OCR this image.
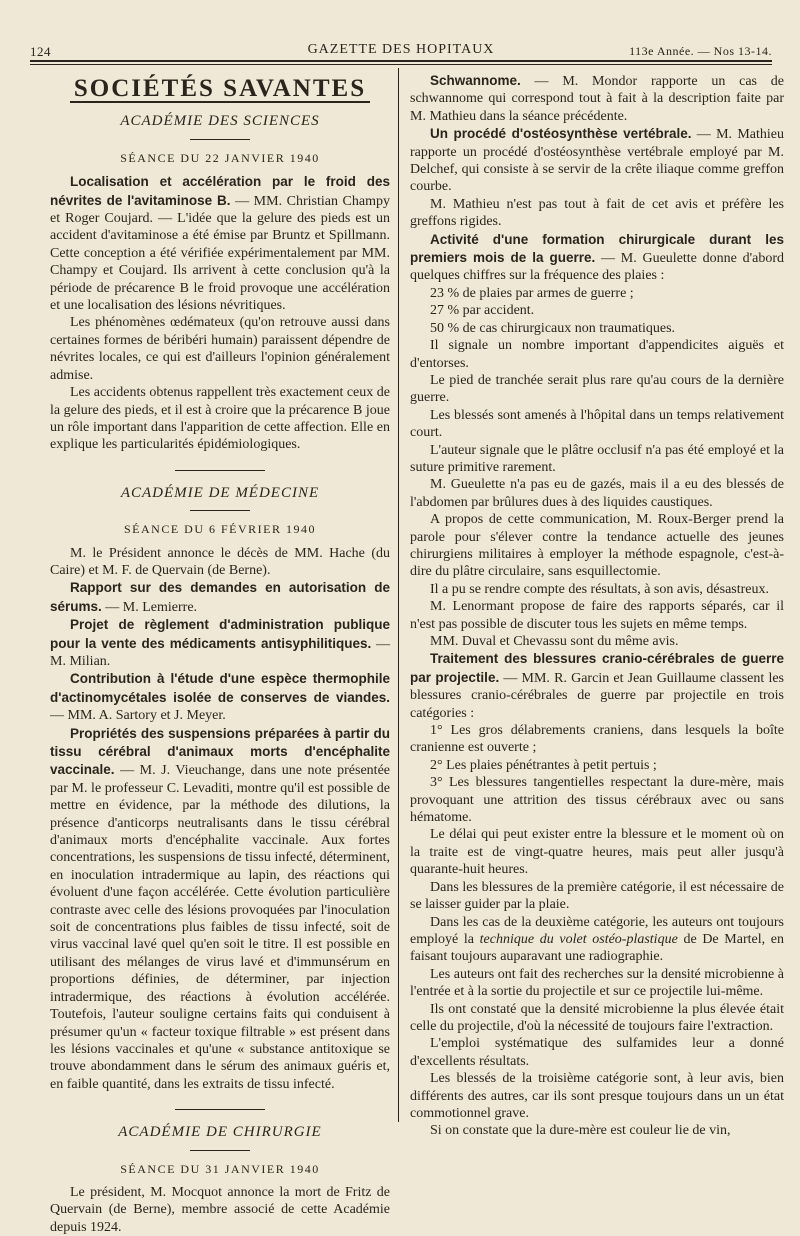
124	GAZETTE DES HOPITAUX	113e Année. — Nos 13-14.
SOCIÉTÉS SAVANTES
ACADÉMIE DES SCIENCES
SÉANCE DU 22 JANVIER 1940

Localisation et accélération par le froid des névrites de l'avitaminose B. — MM. Christian Champy et Roger Coujard. — L'idée que la gelure des pieds est un accident d'avitaminose a été émise par Bruntz et Spillmann. Cette conception a été vérifiée expérimentalement par MM. Champy et Coujard. Ils arrivent à cette conclusion qu'à la période de précarence B le froid provoque une accélération et une localisation des lésions névritiques.

Les phénomènes œdémateux (qu'on retrouve aussi dans certaines formes de béribéri humain) paraissent dépendre de névrites locales, ce qui est d'ailleurs l'opinion généralement admise.

Les accidents obtenus rappellent très exactement ceux de la gelure des pieds, et il est à croire que la précarence B joue un rôle important dans l'apparition de cette affection. Elle en explique les particularités épidémiologiques.

ACADÉMIE DE MÉDECINE
SÉANCE DU 6 FÉVRIER 1940

M. le Président annonce le décès de MM. Hache (du Caire) et M. F. de Quervain (de Berne).

Rapport sur des demandes en autorisation de sérums. — M. Lemierre.

Projet de règlement d'administration publique pour la vente des médicaments antisyphilitiques. — M. Milian.

Contribution à l'étude d'une espèce thermophile d'actinomycétales isolée de conserves de viandes. — MM. A. Sartory et J. Meyer.

Propriétés des suspensions préparées à partir du tissu cérébral d'animaux morts d'encéphalite vaccinale. — M. J. Vieuchange, dans une note présentée par M. le professeur C. Levaditi, montre qu'il est possible de mettre en évidence, par la méthode des dilutions, la présence d'anticorps neutralisants dans le tissu cérébral d'animaux morts d'encéphalite vaccinale. Aux fortes concentrations, les suspensions de tissu infecté, déterminent, en inoculation intradermique au lapin, des réactions qui évoluent d'une façon accélérée. Cette évolution particulière contraste avec celle des lésions provoquées par l'inoculation soit de concentrations plus faibles de tissu infecté, soit de virus vaccinal lavé quel qu'en soit le titre. Il est possible en utilisant des mélanges de virus lavé et d'immunsérum en proportions définies, de déterminer, par injection intradermique, des réactions à évolution accélérée. Toutefois, l'auteur souligne certains faits qui conduisent à présumer qu'un « facteur toxique filtrable » est présent dans les lésions vaccinales et qu'une « substance antitoxique se trouve abondamment dans le sérum des animaux guéris et, en faible quantité, dans les extraits de tissu infecté.

ACADÉMIE DE CHIRURGIE
SÉANCE DU 31 JANVIER 1940

Le président, M. Mocquot annonce la mort de Fritz de Quervain (de Berne), membre associé de cette Académie depuis 1924.

Schwannome. — M. Mondor rapporte un cas de schwannome qui correspond tout à fait à la description faite par M. Mathieu dans la séance précédente.

Un procédé d'ostéosynthèse vertébrale. — M. Mathieu rapporte un procédé d'ostéosynthèse vertébrale employé par M. Delchef, qui consiste à se servir de la crête iliaque comme greffon courbe.

M. Mathieu n'est pas tout à fait de cet avis et préfère les greffons rigides.

Activité d'une formation chirurgicale durant les premiers mois de la guerre. — M. Gueulette donne d'abord quelques chiffres sur la fréquence des plaies :

23 % de plaies par armes de guerre ;

27 % par accident.

50 % de cas chirurgicaux non traumatiques.

Il signale un nombre important d'appendicites aiguës et d'entorses.

Le pied de tranchée serait plus rare qu'au cours de la dernière guerre.

Les blessés sont amenés à l'hôpital dans un temps relativement court.

L'auteur signale que le plâtre occlusif n'a pas été employé et la suture primitive rarement.

M. Gueulette n'a pas eu de gazés, mais il a eu des blessés de l'abdomen par brûlures dues à des liquides caustiques.

A propos de cette communication, M. Roux-Berger prend la parole pour s'élever contre la tendance actuelle des jeunes chirurgiens militaires à employer la méthode espagnole, c'est-à-dire du plâtre circulaire, sans esquillectomie.

Il a pu se rendre compte des résultats, à son avis, désastreux.

M. Lenormant propose de faire des rapports séparés, car il n'est pas possible de discuter tous les sujets en même temps.

MM. Duval et Chevassu sont du même avis.

Traitement des blessures cranio-cérébrales de guerre par projectile. — MM. R. Garcin et Jean Guillaume classent les blessures cranio-cérébrales de guerre par projectile en trois catégories :

1° Les gros délabrements craniens, dans lesquels la boîte cranienne est ouverte ;

2° Les plaies pénétrantes à petit pertuis ;

3° Les blessures tangentielles respectant la dure-mère, mais provoquant une attrition des tissus cérébraux avec ou sans hématome.

Le délai qui peut exister entre la blessure et le moment où on la traite est de vingt-quatre heures, mais peut aller jusqu'à quarante-huit heures.

Dans les blessures de la première catégorie, il est nécessaire de se laisser guider par la plaie.

Dans les cas de la deuxième catégorie, les auteurs ont toujours employé la technique du volet ostéo-plastique de De Martel, en faisant toujours auparavant une radiographie.

Les auteurs ont fait des recherches sur la densité microbienne à l'entrée et à la sortie du projectile et sur ce projectile lui-même.

Ils ont constaté que la densité microbienne la plus élevée était celle du projectile, d'où la nécessité de toujours faire l'extraction.

L'emploi systématique des sulfamides leur a donné d'excellents résultats.

Les blessés de la troisième catégorie sont, à leur avis, bien différents des autres, car ils sont presque toujours dans un un état commotionnel grave.

Si on constate que la dure-mère est couleur lie de vin,
